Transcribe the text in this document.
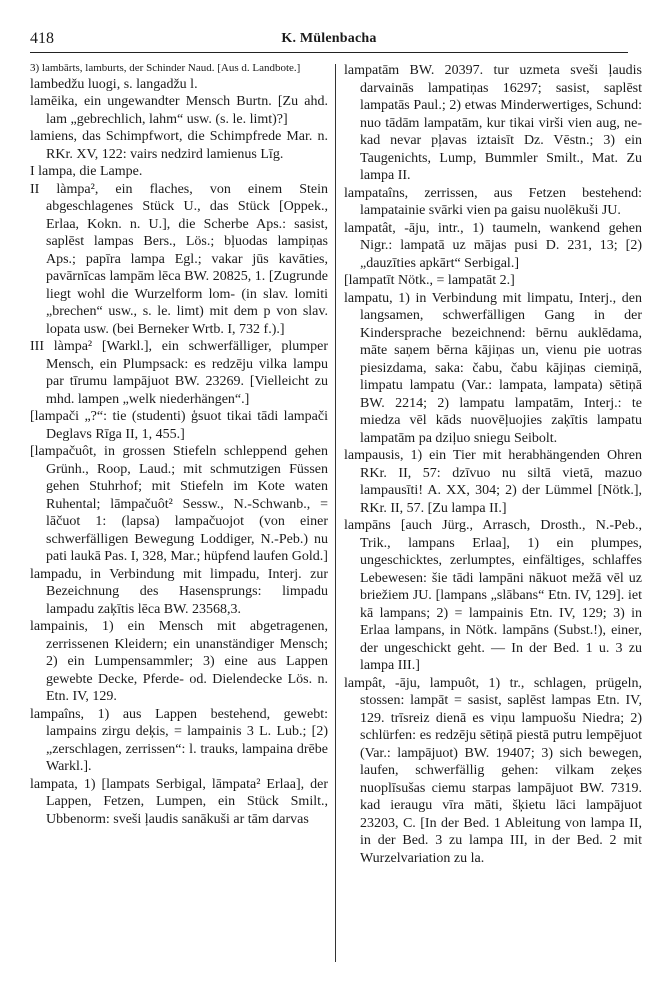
418	K. Mülenbacha

3) lambārts, lamburts, der Schinder Naud. [Aus d. Landbote.]

lambedžu luogi, s. langadžu l.

lamēika, ein ungewandter Mensch Burtn. [Zu ahd. lam „gebrechlich, lahm“ usw. (s. le. limt)?]

lamiens, das Schimpfwort, die Schimpfrede Mar. n. RKr. XV, 122: vairs nedzird lamienus Līg.

I lampa, die Lampe.

II làmpa², ein flaches, von einem Stein abgeschlagenes Stück U., das Stück [Oppek., Erlaa, Kokn. n. U.], die Scherbe Aps.: sasist, saplēst lampas Bers., Lös.; bļuodas lampiņas Aps.; papīra lampa Egl.; vakar jūs kavāties, pavārnīcas lampām lēca BW. 20825, 1. [Zugrunde liegt wohl die Wurzelform lom- (in slav. lomiti „brechen“ usw., s. le. limt) mit dem p von slav. lopata usw. (bei Berneker Wrtb. I, 732 f.).]

III làmpa² [Warkl.], ein schwerfälliger, plumper Mensch, ein Plumpsack: es redzēju vilka lampu par tīrumu lampājuot BW. 23269. [Vielleicht zu mhd. lampen „welk niederhängen“.]

[lampači „?“: tie (studenti) ģsuot tikai tādi lampači Deglavs Rīga II, 1, 455.]

[lampačuôt, in grossen Stiefeln schleppend gehen Grünh., Roop, Laud.; mit schmutzigen Füssen gehen Stuhrhof; mit Stiefeln im Kote waten Ruhental; lāmpačuôt² Sessw., N.-Schwanb., = lāčuot 1: (lapsa) lampačuojot (von einer schwerfälligen Bewegung Loddiger, N.-Peb.) nu pati laukā Pas. I, 328, Mar.; hüpfend laufen Gold.]

lampadu, in Verbindung mit limpadu, Interj. zur Bezeichnung des Hasensprungs: limpadu lampadu zaķītis lēca BW. 23568,3.

lampainis, 1) ein Mensch mit abgetragenen, zerrissenen Kleidern; ein unanständiger Mensch; 2) ein Lumpensammler; 3) eine aus Lappen gewebte Decke, Pferde- od. Dielendecke Lös. n. Etn. IV, 129.

lampaîns, 1) aus Lappen bestehend, gewebt: lampains zirgu deķis, = lampainis 3 L. Lub.; [2) „zerschlagen, zerrissen“: l. trauks, lampaina drēbe Warkl.].

lampata, 1) [lampats Serbigal, lāmpata² Erlaa], der Lappen, Fetzen, Lumpen, ein Stück Smilt., Ubbenorm: sveši ļaudis sanākuši ar tām darvas

lampatām BW. 20397. tur uzmeta sveši ļaudis darvainās lampatiņas 16297; sasist, saplēst lampatās Paul.; 2) etwas Minderwertiges, Schund: nuo tādām lampatām, kur tikai virši vien aug, ne-kad nevar pļavas iztaisīt Dz. Vēstn.; 3) ein Taugenichts, Lump, Bummler Smilt., Mat. Zu lampa II.

lampataîns, zerrissen, aus Fetzen bestehend: lampatainie svārki vien pa gaisu nuolēkuši JU.

lampatât, -āju, intr., 1) taumeln, wankend gehen Nigr.: lampatā uz mājas pusi D. 231, 13; [2) „dauzīties apkārt“ Serbigal.]

[lampatīt Nötk., = lampatāt 2.]

lampatu, 1) in Verbindung mit limpatu, Interj., den langsamen, schwerfälligen Gang in der Kindersprache bezeichnend: bērnu auklēdama, māte saņem bērna kājiņas un, vienu pie uotras piesizdama, saka: čabu, čabu kājiņas ciemiņā, limpatu lampatu (Var.: lampata, lampata) sētiņā BW. 2214; 2) lampatu lampatām, Interj.: te miedza vēl kāds nuovēļuojies zaķītis lampatu lampatām pa dziļuo sniegu Seibolt.

lampausis, 1) ein Tier mit herabhängenden Ohren RKr. II, 57: dzīvuo nu siltā vietā, mazuo lampausīti! A. XX, 304; 2) der Lümmel [Nötk.], RKr. II, 57. [Zu lampa II.]

lampāns [auch Jürg., Arrasch, Drosth., N.-Peb., Trik., lampans Erlaa], 1) ein plumpes, ungeschicktes, zerlumptes, einfältiges, schlaffes Lebewesen: šie tādi lampāni nākuot mežā vēl uz briežiem JU. [lampans „slābans“ Etn. IV, 129]. iet kā lampans; 2) = lampainis Etn. IV, 129; 3) in Erlaa lampans, in Nötk. lampāns (Subst.!), einer, der ungeschickt geht. — In der Bed. 1 u. 3 zu lampa III.]

lampât, -āju, lampuôt, 1) tr., schlagen, prügeln, stossen: lampāt = sasist, saplēst lampas Etn. IV, 129. trīsreiz dienā es viņu lampuošu Niedra; 2) schlürfen: es redzēju sētiņā piestā putru lempējuot (Var.: lampājuot) BW. 19407; 3) sich bewegen, laufen, schwerfällig gehen: vilkam zeķes nuoplīsušas ciemu starpas lampājuot BW. 7319. kad ieraugu vīra māti, šķietu lāci lampājuot 23203, C. [In der Bed. 1 Ableitung von lampa II, in der Bed. 3 zu lampa III, in der Bed. 2 mit Wurzelvariation zu la.
